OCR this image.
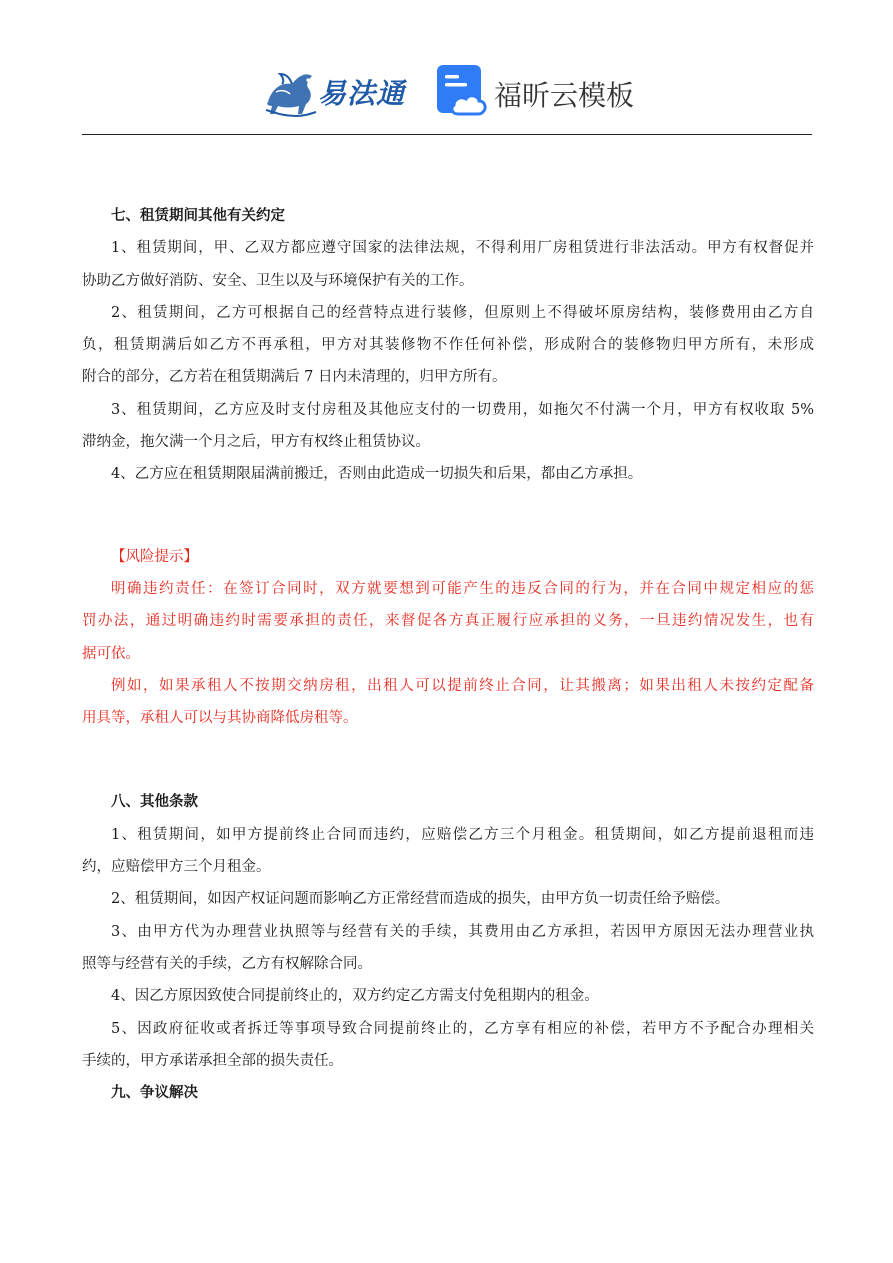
易法通	福昕云模板
七、租赁期间其他有关约定
1、租赁期间，甲、乙双方都应遵守国家的法律法规，不得利用厂房租赁进行非法活动。甲方有权督促并
协助乙方做好消防、安全、卫生以及与环境保护有关的工作。
2、租赁期间，乙方可根据自己的经营特点进行装修，但原则上不得破坏原房结构，装修费用由乙方自
负，租赁期满后如乙方不再承租，甲方对其装修物不作任何补偿，形成附合的装修物归甲方所有，未形成
附合的部分，乙方若在租赁期满后 7 日内未清理的，归甲方所有。
3、租赁期间，乙方应及时支付房租及其他应支付的一切费用，如拖欠不付满一个月，甲方有权收取 5%
滞纳金，拖欠满一个月之后，甲方有权终止租赁协议。
4、乙方应在租赁期限届满前搬迁，否则由此造成一切损失和后果，都由乙方承担。
【风险提示】
明确违约责任：在签订合同时，双方就要想到可能产生的违反合同的行为，并在合同中规定相应的惩
罚办法，通过明确违约时需要承担的责任，来督促各方真正履行应承担的义务，一旦违约情况发生，也有
据可依。
例如，如果承租人不按期交纳房租，出租人可以提前终止合同，让其搬离；如果出租人未按约定配备
用具等，承租人可以与其协商降低房租等。
八、其他条款
1、租赁期间，如甲方提前终止合同而违约，应赔偿乙方三个月租金。租赁期间，如乙方提前退租而违
约，应赔偿甲方三个月租金。
2、租赁期间，如因产权证问题而影响乙方正常经营而造成的损失，由甲方负一切责任给予赔偿。
3、由甲方代为办理营业执照等与经营有关的手续，其费用由乙方承担，若因甲方原因无法办理营业执
照等与经营有关的手续，乙方有权解除合同。
4、因乙方原因致使合同提前终止的，双方约定乙方需支付免租期内的租金。
5、因政府征收或者拆迁等事项导致合同提前终止的，乙方享有相应的补偿，若甲方不予配合办理相关
手续的，甲方承诺承担全部的损失责任。
九、争议解决
